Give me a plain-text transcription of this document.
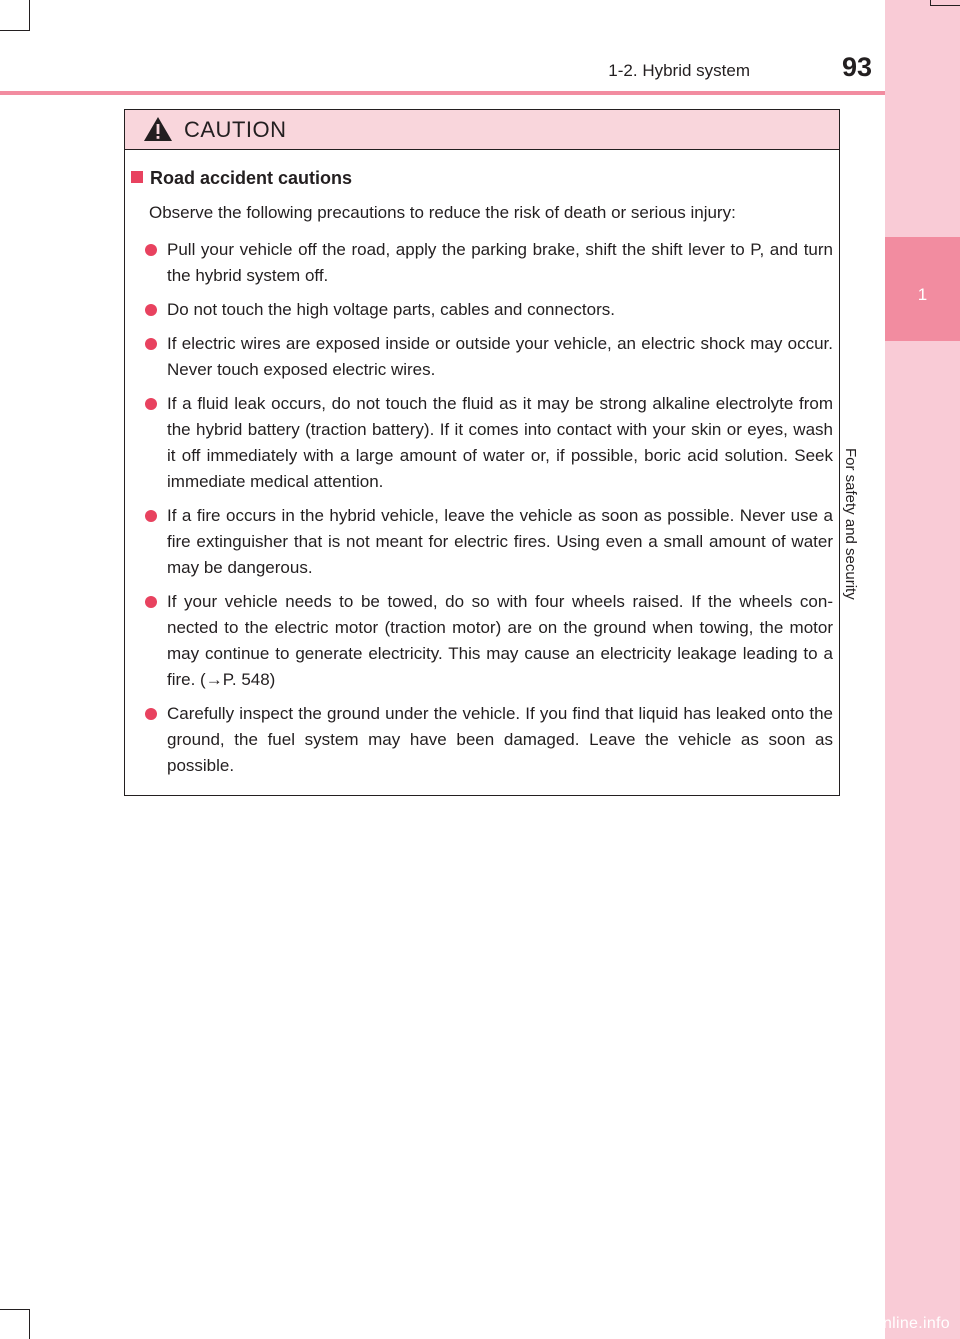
1
For safety and security
1-2. Hybrid system	93
CAUTION
Road accident cautions
Observe the following precautions to reduce the risk of death or serious injury:
Pull your vehicle off the road, apply the parking brake, shift the shift lever to P, and turn the hybrid system off.
Do not touch the high voltage parts, cables and connectors.
If electric wires are exposed inside or outside your vehicle, an electric shock may occur. Never touch exposed electric wires.
If a fluid leak occurs, do not touch the fluid as it may be strong alkaline electrolyte from the hybrid battery (traction battery). If it comes into contact with your skin or eyes, wash it off immediately with a large amount of water or, if possible, boric acid solution. Seek immediate medical attention.
If a fire occurs in the hybrid vehicle, leave the vehicle as soon as possible. Never use a fire extinguisher that is not meant for electric fires. Using even a small amount of water may be dangerous.
If your vehicle needs to be towed, do so with four wheels raised. If the wheels con-nected to the electric motor (traction motor) are on the ground when towing, the motor may continue to generate electricity. This may cause an electricity leakage leading to a fire. (→P. 548)
Carefully inspect the ground under the vehicle. If you find that liquid has leaked onto the ground, the fuel system may have been damaged. Leave the vehicle as soon as possible.
carmanualsonline.info
